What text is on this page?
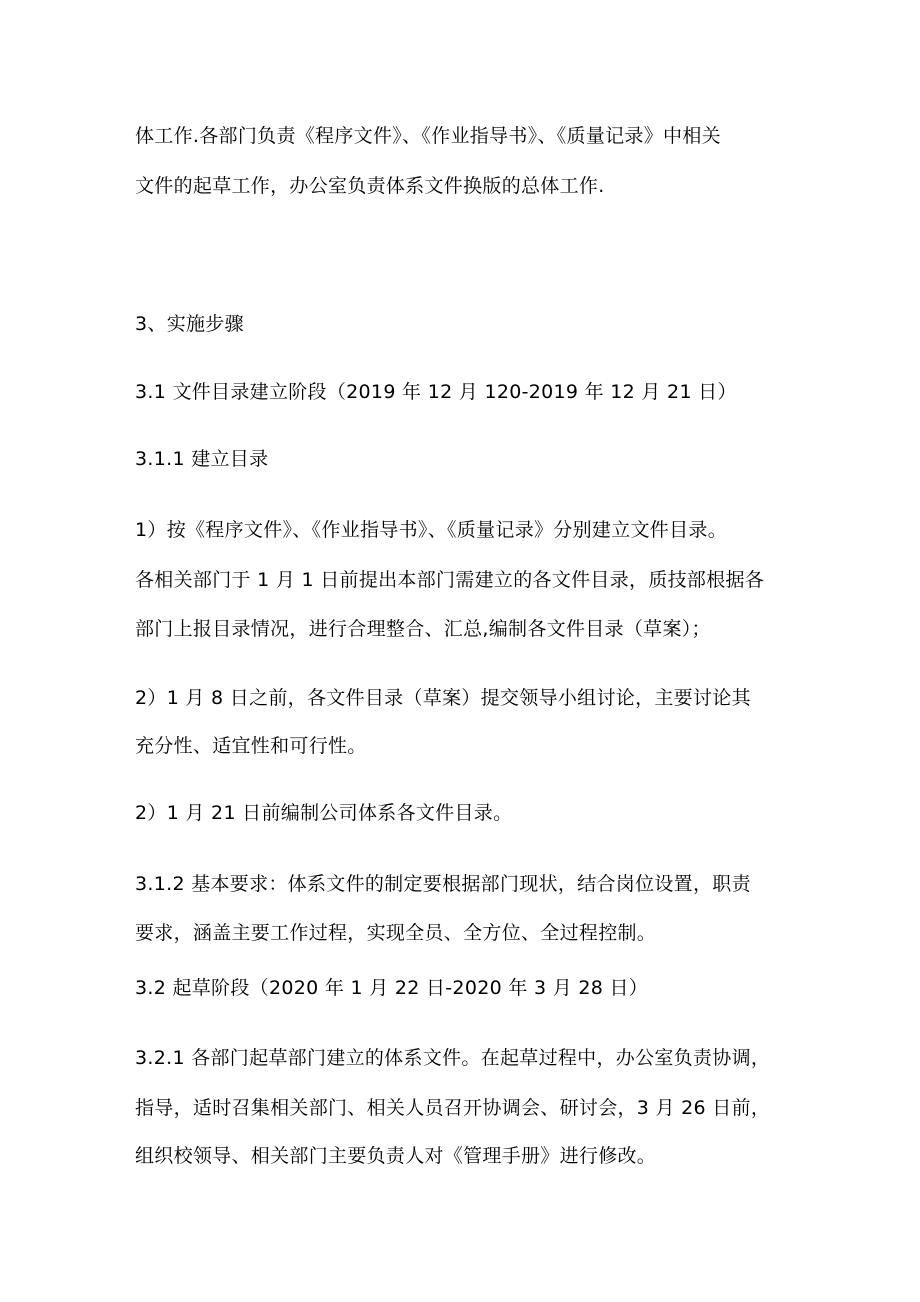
体工作.各部门负责《程序文件》、《作业指导书》、《质量记录》中相关
文件的起草工作，办公室负责体系文件换版的总体工作.
3、实施步骤
3.1 文件目录建立阶段（2019 年 12 月 120-2019 年 12 月 21 日）
3.1.1 建立目录
1）按《程序文件》、《作业指导书》、《质量记录》分别建立文件目录。
各相关部门于 1 月 1 日前提出本部门需建立的各文件目录，质技部根据各
部门上报目录情况，进行合理整合、汇总,编制各文件目录（草案）；
2）1 月 8 日之前，各文件目录（草案）提交领导小组讨论，主要讨论其
充分性、适宜性和可行性。
2）1 月 21 日前编制公司体系各文件目录。
3.1.2 基本要求：体系文件的制定要根据部门现状，结合岗位设置，职责
要求，涵盖主要工作过程，实现全员、全方位、全过程控制。
3.2 起草阶段（2020 年 1 月 22 日-2020 年 3 月 28 日）
3.2.1 各部门起草部门建立的体系文件。在起草过程中，办公室负责协调，
指导，适时召集相关部门、相关人员召开协调会、研讨会，3 月 26 日前，
组织校领导、相关部门主要负责人对《管理手册》进行修改。
